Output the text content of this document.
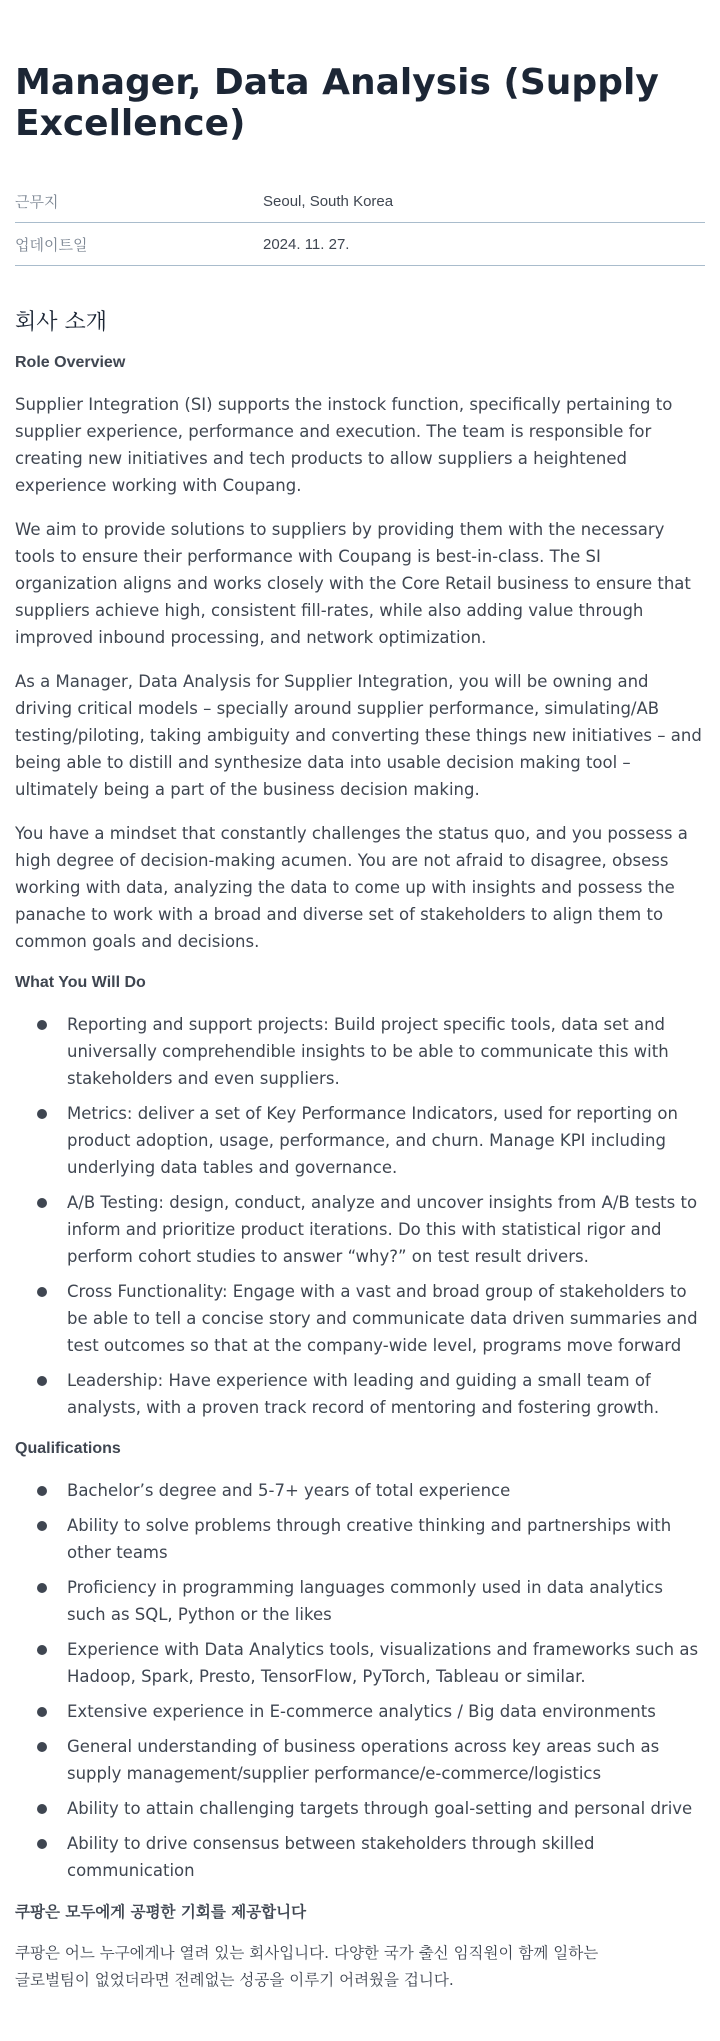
Manager, Data Analysis (Supply Excellence)
근무지	Seoul, South Korea
업데이트일	2024. 11. 27.
회사 소개
Role Overview

Supplier Integration (SI) supports the instock function, specifically pertaining to supplier experience, performance and execution. The team is responsible for creating new initiatives and tech products to allow suppliers a heightened experience working with Coupang.

We aim to provide solutions to suppliers by providing them with the necessary tools to ensure their performance with Coupang is best-in-class. The SI organization aligns and works closely with the Core Retail business to ensure that suppliers achieve high, consistent fill-rates, while also adding value through improved inbound processing, and network optimization.

As a Manager, Data Analysis for Supplier Integration, you will be owning and driving critical models – specially around supplier performance, simulating/AB testing/piloting, taking ambiguity and converting these things new initiatives – and being able to distill and synthesize data into usable decision making tool – ultimately being a part of the business decision making.

You have a mindset that constantly challenges the status quo, and you possess a high degree of decision-making acumen. You are not afraid to disagree, obsess working with data, analyzing the data to come up with insights and possess the panache to work with a broad and diverse set of stakeholders to align them to common goals and decisions.

What You Will Do
Reporting and support projects: Build project specific tools, data set and universally comprehendible insights to be able to communicate this with stakeholders and even suppliers.
Metrics: deliver a set of Key Performance Indicators, used for reporting on product adoption, usage, performance, and churn. Manage KPI including underlying data tables and governance.
A/B Testing: design, conduct, analyze and uncover insights from A/B tests to inform and prioritize product iterations. Do this with statistical rigor and perform cohort studies to answer “why?” on test result drivers.
Cross Functionality: Engage with a vast and broad group of stakeholders to be able to tell a concise story and communicate data driven summaries and test outcomes so that at the company-wide level, programs move forward
Leadership: Have experience with leading and guiding a small team of analysts, with a proven track record of mentoring and fostering growth.
Qualifications
Bachelor’s degree and 5-7+ years of total experience
Ability to solve problems through creative thinking and partnerships with other teams
Proficiency in programming languages commonly used in data analytics such as SQL, Python or the likes
Experience with Data Analytics tools, visualizations and frameworks such as Hadoop, Spark, Presto, TensorFlow, PyTorch, Tableau or similar.
Extensive experience in E-commerce analytics / Big data environments
General understanding of business operations across key areas such as supply management/supplier performance/e-commerce/logistics
Ability to attain challenging targets through goal-setting and personal drive
Ability to drive consensus between stakeholders through skilled communication
쿠팡은 모두에게 공평한 기회를 제공합니다

쿠팡은 어느 누구에게나 열려 있는 회사입니다. 다양한 국가 출신 임직원이 함께 일하는
글로벌팀이 없었더라면 전례없는 성공을 이루기 어려웠을 겁니다.
